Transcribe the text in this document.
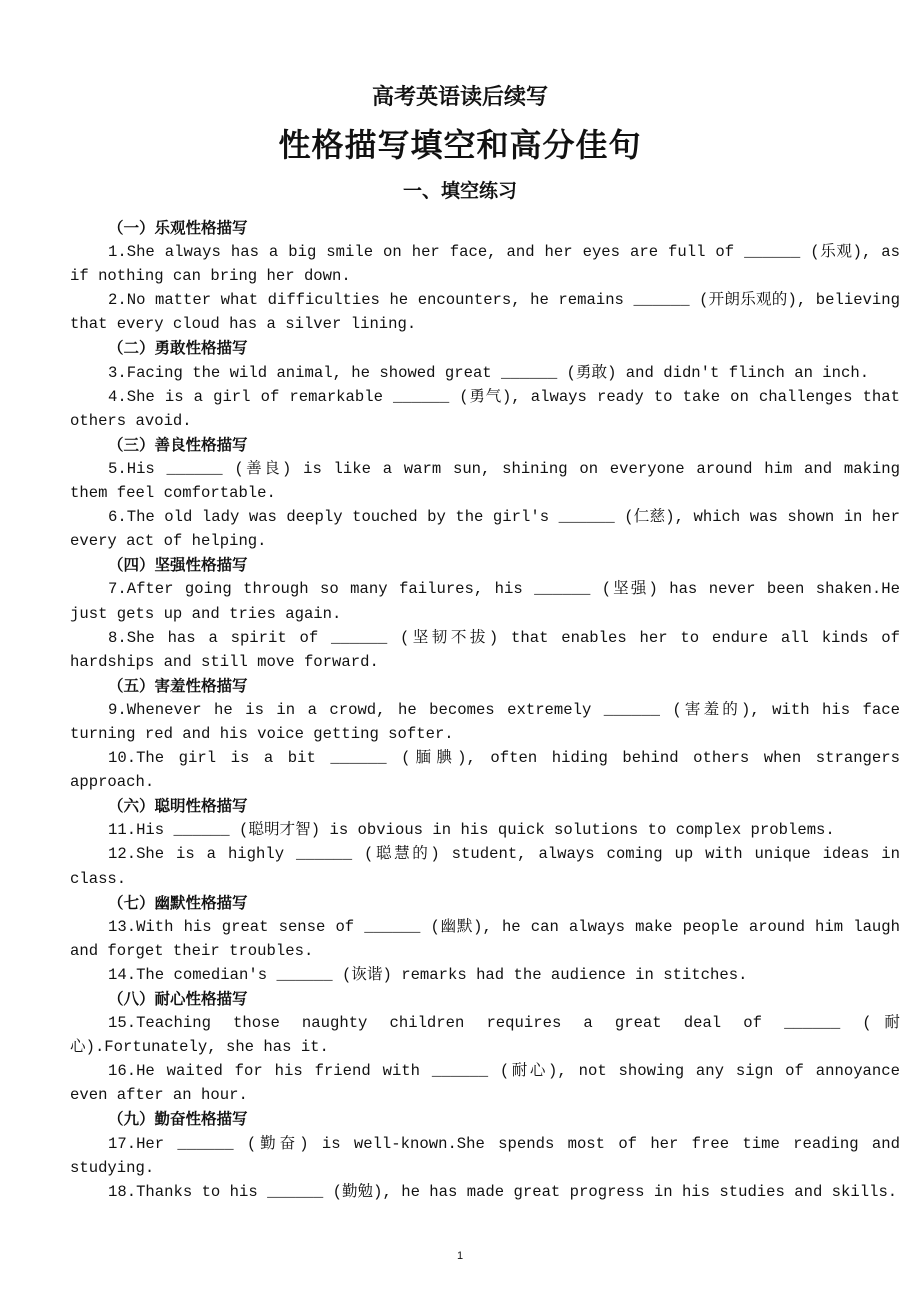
高考英语读后续写
性格描写填空和高分佳句
一、填空练习
（一）乐观性格描写
1.She always has a big smile on her face, and her eyes are full of ______ (乐观), as if nothing can bring her down.
2.No matter what difficulties he encounters, he remains ______ (开朗乐观的), believing that every cloud has a silver lining.
（二）勇敢性格描写
3.Facing the wild animal, he showed great ______ (勇敢) and didn't flinch an inch.
4.She is a girl of remarkable ______ (勇气), always ready to take on challenges that others avoid.
（三）善良性格描写
5.His ______ (善良) is like a warm sun, shining on everyone around him and making them feel comfortable.
6.The old lady was deeply touched by the girl's ______ (仁慈), which was shown in her every act of helping.
（四）坚强性格描写
7.After going through so many failures, his ______ (坚强) has never been shaken.He just gets up and tries again.
8.She has a spirit of ______ (坚韧不拔) that enables her to endure all kinds of hardships and still move forward.
（五）害羞性格描写
9.Whenever he is in a crowd, he becomes extremely ______ (害羞的), with his face turning red and his voice getting softer.
10.The girl is a bit ______ (腼腆), often hiding behind others when strangers approach.
（六）聪明性格描写
11.His ______ (聪明才智) is obvious in his quick solutions to complex problems.
12.She is a highly ______ (聪慧的) student, always coming up with unique ideas in class.
（七）幽默性格描写
13.With his great sense of ______ (幽默), he can always make people around him laugh and forget their troubles.
14.The comedian's ______ (诙谐) remarks had the audience in stitches.
（八）耐心性格描写
15.Teaching those naughty children requires a great deal of ______ (耐心).Fortunately, she has it.
16.He waited for his friend with ______ (耐心), not showing any sign of annoyance even after an hour.
（九）勤奋性格描写
17.Her ______ (勤奋) is well-known.She spends most of her free time reading and studying.
18.Thanks to his ______ (勤勉), he has made great progress in his studies and skills.
1
